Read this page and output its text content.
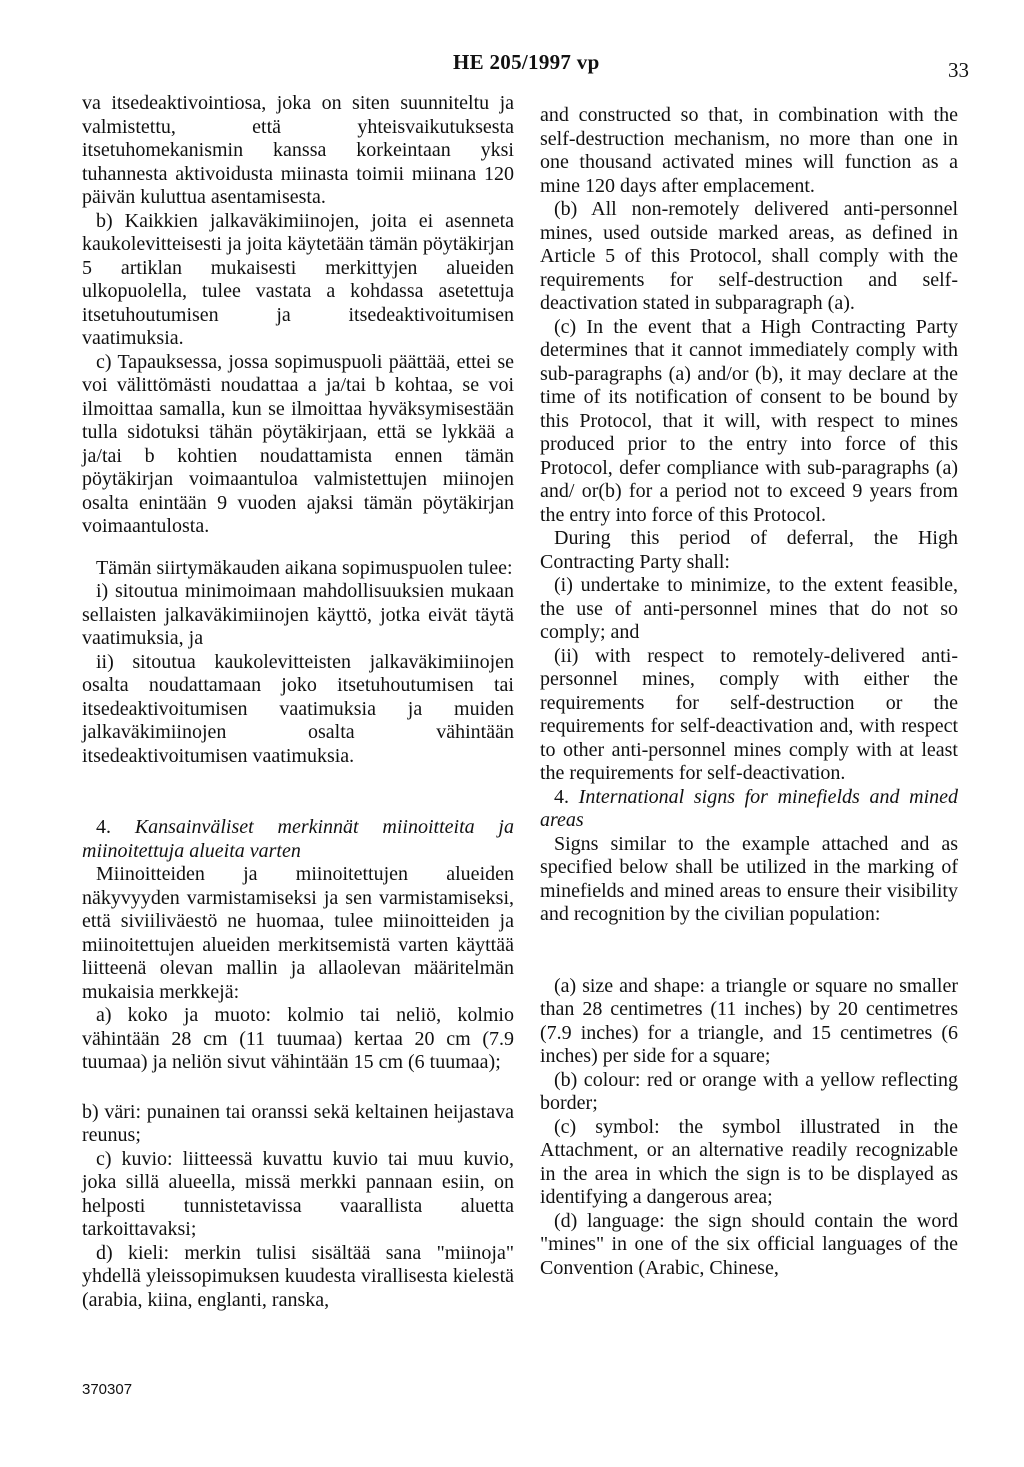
HE 205/1997 vp	33

va itsedeaktivointiosa, joka on siten suunniteltu ja valmistettu, että yhteisvaikutuksesta itsetuhomekanismin kanssa korkeintaan yksi tuhannesta aktivoidusta miinasta toimii miinana 120 päivän kuluttua asentamisesta.

b) Kaikkien jalkaväkimiinojen, joita ei asenneta kaukolevitteisesti ja joita käytetään tämän pöytäkirjan 5 artiklan mukaisesti merkittyjen alueiden ulkopuolella, tulee vastata a kohdassa asetettuja itsetuhoutumisen ja itsedeaktivoitumisen vaatimuksia.

c) Tapauksessa, jossa sopimuspuoli päättää, ettei se voi välittömästi noudattaa a ja/tai b kohtaa, se voi ilmoittaa samalla, kun se ilmoittaa hyväksymisestään tulla sidotuksi tähän pöytäkirjaan, että se lykkää a ja/tai b kohtien noudattamista ennen tämän pöytäkirjan voimaantuloa valmistettujen miinojen osalta enintään 9 vuoden ajaksi tämän pöytäkirjan voimaantulosta.

Tämän siirtymäkauden aikana sopimuspuolen tulee:

i) sitoutua minimoimaan mahdollisuuksien mukaan sellaisten jalkaväkimiinojen käyttö, jotka eivät täytä vaatimuksia, ja

ii) sitoutua kaukolevitteisten jalkaväkimiinojen osalta noudattamaan joko itsetuhoutumisen tai itsedeaktivoitumisen vaatimuksia ja muiden jalkaväkimiinojen osalta vähintään itsedeaktivoitumisen vaatimuksia.

4. Kansainväliset merkinnät miinoitteita ja miinoitettuja alueita varten

Miinoitteiden ja miinoitettujen alueiden näkyvyyden varmistamiseksi ja sen varmistamiseksi, että siviiliväestö ne huomaa, tulee miinoitteiden ja miinoitettujen alueiden merkitsemistä varten käyttää liitteenä olevan mallin ja allaolevan määritelmän mukaisia merkkejä:

a) koko ja muoto: kolmio tai neliö, kolmio vähintään 28 cm (11 tuumaa) kertaa 20 cm (7.9 tuumaa) ja neliön sivut vähintään 15 cm (6 tuumaa);

b) väri: punainen tai oranssi sekä keltainen heijastava reunus;

c) kuvio: liitteessä kuvattu kuvio tai muu kuvio, joka sillä alueella, missä merkki pannaan esiin, on helposti tunnistetavissa vaarallista aluetta tarkoittavaksi;

d) kieli: merkin tulisi sisältää sana "miinoja" yhdellä yleissopimuksen kuudesta virallisesta kielestä (arabia, kiina, englanti, ranska,

and constructed so that, in combination with the self-destruction mechanism, no more than one in one thousand activated mines will function as a mine 120 days after emplacement.

(b) All non-remotely delivered anti-personnel mines, used outside marked areas, as defined in Article 5 of this Protocol, shall comply with the requirements for self-destruction and self-deactivation stated in subparagraph (a).

(c) In the event that a High Contracting Party determines that it cannot immediately comply with sub-paragraphs (a) and/or (b), it may declare at the time of its notification of consent to be bound by this Protocol, that it will, with respect to mines produced prior to the entry into force of this Protocol, defer compliance with sub-paragraphs (a) and/ or(b) for a period not to exceed 9 years from the entry into force of this Protocol.

During this period of deferral, the High Contracting Party shall:

(i) undertake to minimize, to the extent feasible, the use of anti-personnel mines that do not so comply; and

(ii) with respect to remotely-delivered anti-personnel mines, comply with either the requirements for self-destruction or the requirements for self-deactivation and, with respect to other anti-personnel mines comply with at least the requirements for self-deactivation.

4. International signs for minefields and mined areas

Signs similar to the example attached and as specified below shall be utilized in the marking of minefields and mined areas to ensure their visibility and recognition by the civilian population:

(a) size and shape: a triangle or square no smaller than 28 centimetres (11 inches) by 20 centimetres (7.9 inches) for a triangle, and 15 centimetres (6 inches) per side for a square;

(b) colour: red or orange with a yellow reflecting border;

(c) symbol: the symbol illustrated in the Attachment, or an alternative readily recognizable in the area in which the sign is to be displayed as identifying a dangerous area;

(d) language: the sign should contain the word "mines" in one of the six official languages of the Convention (Arabic, Chinese,

370307
